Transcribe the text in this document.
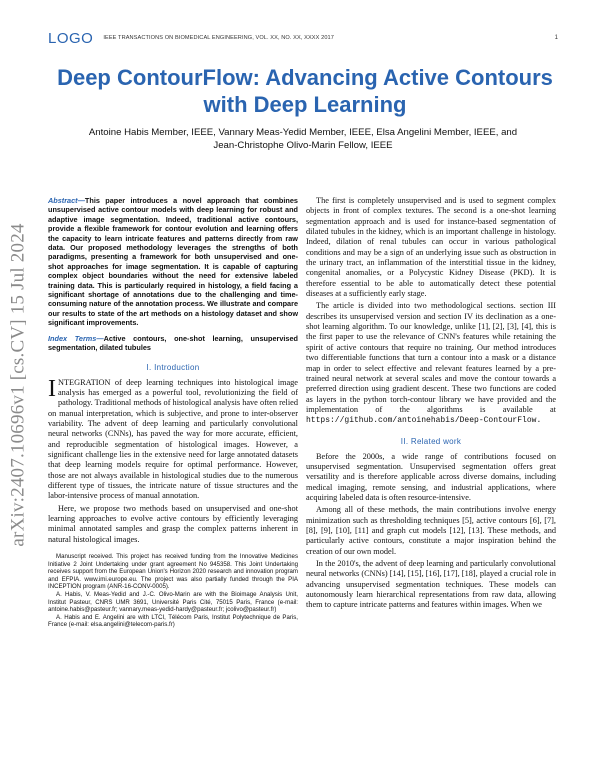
arXiv:2407.10696v1 [cs.CV] 15 Jul 2024
LOGO IEEE TRANSACTIONS ON BIOMEDICAL ENGINEERING, VOL. XX, NO. XX, XXXX 2017	1
Deep ContourFlow: Advancing Active Contours with Deep Learning
Antoine Habis Member, IEEE, Vannary Meas-Yedid Member, IEEE, Elsa Angelini Member, IEEE, and
Jean-Christophe Olivo-Marin Fellow, IEEE

Abstract—This paper introduces a novel approach that combines unsupervised active contour models with deep learning for robust and adaptive image segmentation. Indeed, traditional active contours, provide a flexible framework for contour evolution and learning offers the capacity to learn intricate features and patterns directly from raw data. Our proposed methodology leverages the strengths of both paradigms, presenting a framework for both unsupervised and one-shot approaches for image segmentation. It is capable of capturing complex object boundaries without the need for extensive labeled training data. This is particularly required in histology, a field facing a significant shortage of annotations due to the challenging and time-consuming nature of the annotation process. We illustrate and compare our results to state of the art methods on a histology dataset and show significant improvements.

Index Terms—Active contours, one-shot learning, unsupervised segmentation, dilated tubules

I. Introduction

INTEGRATION of deep learning techniques into histological image analysis has emerged as a powerful tool, revolutionizing the field of pathology. Traditional methods of histological analysis have often relied on manual interpretation, which is subjective, and prone to inter-observer variability. The advent of deep learning and particularly convolutional neural networks (CNNs), has paved the way for more accurate, efficient, and reproducible segmentation of histological images. However, a significant challenge lies in the extensive need for large annotated datasets that deep learning models require for optimal performance. However, those are not always available in histological studies due to the numerous different type of tissues, the intricate nature of tissue structures and the labor-intensive process of manual annotation.

Here, we propose two methods based on unsupervised and one-shot learning approaches to evolve active contours by efficiently leveraging minimal annotated samples and grasp the complex patterns inherent in natural histological images.

Manuscript received. This project has received funding from the Innovative Medicines Initiative 2 Joint Undertaking under grant agreement No 945358. This Joint Undertaking receives support from the European Union's Horizon 2020 research and innovation program and EFPIA. www.imi.europe.eu. The project was also partially funded through the PIA INCEPTION program (ANR-16-CONV-0005).

A. Habis, V. Meas-Yedid and J.-C. Olivo-Marin are with the Bioimage Analysis Unit, Institut Pasteur, CNRS UMR 3691, Université Paris Cité, 75015 Paris, France (e-mail: antoine.habis@pasteur.fr; vannary.meas-yedid-hardy@pasteur.fr; jcolivo@pasteur.fr)

A. Habis and E. Angelini are with LTCI, Télécom Paris, Institut Polytechnique de Paris, France (e-mail: elsa.angelini@telecom-paris.fr)

The first is completely unsupervised and is used to segment complex objects in front of complex textures. The second is a one-shot learning segmentation approach and is used for instance-based segmentation of dilated tubules in the kidney, which is an important challenge in histology. Indeed, dilation of renal tubules can occur in various pathological conditions and may be a sign of an underlying issue such as obstruction in the urinary tract, an inflammation of the interstitial tissue in the kidney, congenital anomalies, or a Polycystic Kidney Disease (PKD). It is therefore essential to be able to automatically detect these potential diseases at a sufficiently early stage.

The article is divided into two methodological sections. section III describes its unsupervised version and section IV its declination as a one-shot learning algorithm. To our knowledge, unlike [1], [2], [3], [4], this is the first paper to use the relevance of CNN's features while retaining the spirit of active contours that require no training. Our method introduces two differentiable functions that turn a contour into a mask or a distance map in order to select effective and relevant features learned by a pre-trained neural network at several scales and move the contour towards a preferred direction using gradient descent. These two functions are coded as layers in the python torch-contour library we have provided and the implementation of the algorithms is available at https://github.com/antoinehabis/Deep-ContourFlow.

II. Related work

Before the 2000s, a wide range of contributions focused on unsupervised segmentation. Unsupervised segmentation offers great versatility and is therefore applicable across diverse domains, including medical imaging, remote sensing, and industrial applications, where acquiring labeled data is often resource-intensive.

Among all of these methods, the main contributions involve energy minimization such as thresholding techniques [5], active contours [6], [7], [8], [9], [10], [11] and graph cut models [12], [13]. These methods, and particularly active contours, constitute a major inspiration behind the creation of our own model.

In the 2010's, the advent of deep learning and particularly convolutional neural networks (CNNs) [14], [15], [16], [17], [18], played a crucial role in advancing unsupervised segmentation techniques. These models can autonomously learn hierarchical representations from raw data, allowing them to capture intricate patterns and features within images. When we
